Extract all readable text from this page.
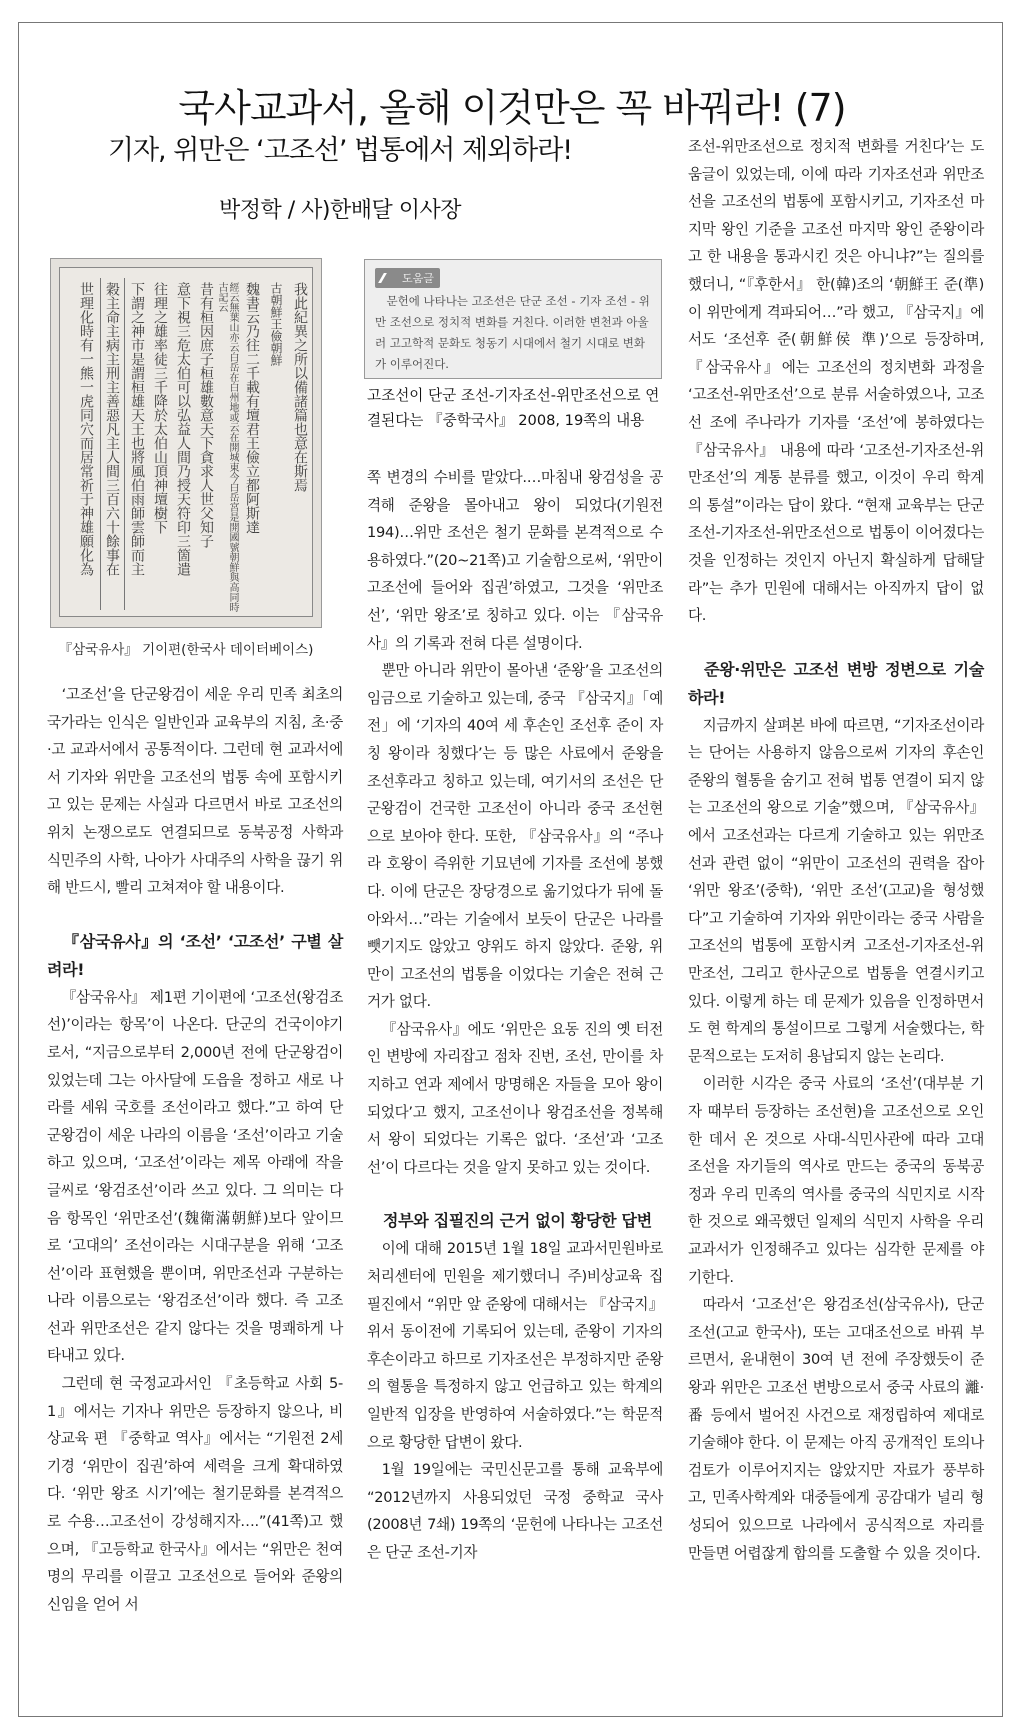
국사교과서, 올해 이것만은 꼭 바꿔라! (7)
기자, 위만은 ‘고조선’ 법통에서 제외하라!
박정학 / 사)한배달 이사장
我此紀異之所以備諸篇也意在斯焉
古朝鮮王儉朝鮮
魏書云乃往二千載有壇君王儉立都阿斯達
經云無葉山亦云白岳在白州地或云在開城東今白岳宮是開國號朝鮮與高同時古記云
昔有桓因庶子桓雄數意天下貪求人世父知子
意下視三危太伯可以弘益人間乃授天符印三箇遣
往理之雄率徒三千降於太伯山頂神壇樹下
下謂之神市是謂桓雄天王也將風伯雨師雲師而主
穀主命主病主刑主善惡凡主人間三百六十餘事在
世理化時有一熊一虎同穴而居常祈于神雄願化為
『삼국유사』 기이편(한국사 데이터베이스)
도움글
문헌에 나타나는 고조선은 단군 조선 - 기자 조선 - 위만 조선으로 정치적 변화를 거친다. 이러한 변천과 아울러 고고학적 문화도 청동기 시대에서 철기 시대로 변화가 이루어진다.
고조선이 단군 조선-기자조선-위만조선으로 연결된다는 『중학국사』 2008, 19쪽의 내용

‘고조선’을 단군왕검이 세운 우리 민족 최초의 국가라는 인식은 일반인과 교육부의 지침, 초·중·고 교과서에서 공통적이다. 그런데 현 교과서에서 기자와 위만을 고조선의 법통 속에 포함시키고 있는 문제는 사실과 다르면서 바로 고조선의 위치 논쟁으로도 연결되므로 동북공정 사학과 식민주의 사학, 나아가 사대주의 사학을 끊기 위해 반드시, 빨리 고쳐져야 할 내용이다.

『삼국유사』의 ‘조선’ ‘고조선’ 구별 살려라!

『삼국유사』 제1편 기이편에 ‘고조선(왕검조선)’이라는 항목’이 나온다. 단군의 건국이야기로서, “지금으로부터 2,000년 전에 단군왕검이 있었는데 그는 아사달에 도읍을 정하고 새로 나라를 세워 국호를 조선이라고 했다.”고 하여 단군왕검이 세운 나라의 이름을 ‘조선’이라고 기술하고 있으며, ‘고조선’이라는 제목 아래에 작을 글씨로 ‘왕검조선’이라 쓰고 있다. 그 의미는 다음 항목인 ‘위만조선’(魏衛滿朝鮮)보다 앞이므로 ‘고대의’ 조선이라는 시대구분을 위해 ‘고조선’이라 표현했을 뿐이며, 위만조선과 구분하는 나라 이름으로는 ‘왕검조선’이라 했다. 즉 고조선과 위만조선은 같지 않다는 것을 명쾌하게 나타내고 있다.

그런데 현 국정교과서인 『초등학교 사회 5-1』에서는 기자나 위만은 등장하지 않으나, 비상교육 편 『중학교 역사』에서는 “기원전 2세기경 ‘위만이 집권’하여 세력을 크게 확대하였다. ‘위만 왕조 시기’에는 철기문화를 본격적으로 수용…고조선이 강성해지자….”(41쪽)고 했으며, 『고등학교 한국사』에서는 “위만은 천여 명의 무리를 이끌고 고조선으로 들어와 준왕의 신임을 얻어 서

쪽 변경의 수비를 맡았다.…마침내 왕검성을 공격해 준왕을 몰아내고 왕이 되었다(기원전 194)…위만 조선은 철기 문화를 본격적으로 수용하였다.”(20~21쪽)고 기술함으로써, ‘위만이 고조선에 들어와 집권’하였고, 그것을 ‘위만조선’, ‘위만 왕조’로 칭하고 있다. 이는 『삼국유사』의 기록과 전혀 다른 설명이다.

뿐만 아니라 위만이 몰아낸 ‘준왕’을 고조선의 임금으로 기술하고 있는데, 중국 『삼국지』「예전」에 ‘기자의 40여 세 후손인 조선후 준이 자칭 왕이라 칭했다’는 등 많은 사료에서 준왕을 조선후라고 칭하고 있는데, 여기서의 조선은 단군왕검이 건국한 고조선이 아니라 중국 조선현으로 보아야 한다. 또한, 『삼국유사』의 “주나라 호왕이 즉위한 기묘년에 기자를 조선에 봉했다. 이에 단군은 장당경으로 옮기었다가 뒤에 돌아와서…”라는 기술에서 보듯이 단군은 나라를 뺏기지도 않았고 양위도 하지 않았다. 준왕, 위만이 고조선의 법통을 이었다는 기술은 전혀 근거가 없다.

『삼국유사』에도 ‘위만은 요동 진의 옛 터전인 변방에 자리잡고 점차 진번, 조선, 만이를 차지하고 연과 제에서 망명해온 자들을 모아 왕이 되었다’고 했지, 고조선이나 왕검조선을 정복해서 왕이 되었다는 기록은 없다. ‘조선’과 ‘고조선’이 다르다는 것을 알지 못하고 있는 것이다.

정부와 집필진의 근거 없이 황당한 답변

이에 대해 2015년 1월 18일 교과서민원바로처리센터에 민원을 제기했더니 주)비상교육 집필진에서 “위만 앞 준왕에 대해서는 『삼국지』 위서 동이전에 기록되어 있는데, 준왕이 기자의 후손이라고 하므로 기자조선은 부정하지만 준왕의 혈통을 특정하지 않고 언급하고 있는 학계의 일반적 입장을 반영하여 서술하였다.”는 학문적으로 황당한 답변이 왔다.

1월 19일에는 국민신문고를 통해 교육부에 “2012년까지 사용되었던 국정 중학교 국사(2008년 7쇄) 19쪽의 ‘문헌에 나타나는 고조선은 단군 조선-기자

조선-위만조선으로 정치적 변화를 거친다’는 도움글이 있었는데, 이에 따라 기자조선과 위만조선을 고조선의 법통에 포함시키고, 기자조선 마지막 왕인 기준을 고조선 마지막 왕인 준왕이라고 한 내용을 통과시킨 것은 아니냐?”는 질의를 했더니, “『후한서』 한(韓)조의 ‘朝鮮王 준(準)이 위만에게 격파되어…”라 했고, 『삼국지』에서도 ‘조선후 준(朝鮮侯 準)’으로 등장하며, 『삼국유사』에는 고조선의 정치변화 과정을 ‘고조선-위만조선’으로 분류 서술하였으나, 고조선 조에 주나라가 기자를 ‘조선’에 봉하였다는 『삼국유사』 내용에 따라 ‘고조선-기자조선-위만조선’의 계통 분류를 했고, 이것이 우리 학계의 통설”이라는 답이 왔다. “현재 교육부는 단군조선-기자조선-위만조선으로 법통이 이어졌다는 것을 인정하는 것인지 아닌지 확실하게 답해달라”는 추가 민원에 대해서는 아직까지 답이 없다.

준왕·위만은 고조선 변방 정변으로 기술하라!

지금까지 살펴본 바에 따르면, “기자조선이라는 단어는 사용하지 않음으로써 기자의 후손인 준왕의 혈통을 숨기고 전혀 법통 연결이 되지 않는 고조선의 왕으로 기술”했으며, 『삼국유사』에서 고조선과는 다르게 기술하고 있는 위만조선과 관련 없이 “위만이 고조선의 권력을 잡아 ‘위만 왕조’(중학), ‘위만 조선’(고교)을 형성했다”고 기술하여 기자와 위만이라는 중국 사람을 고조선의 법통에 포함시켜 고조선-기자조선-위만조선, 그리고 한사군으로 법통을 연결시키고 있다. 이렇게 하는 데 문제가 있음을 인정하면서도 현 학계의 통설이므로 그렇게 서술했다는, 학문적으로는 도저히 용납되지 않는 논리다.

이러한 시각은 중국 사료의 ‘조선’(대부분 기자 때부터 등장하는 조선현)을 고조선으로 오인한 데서 온 것으로 사대-식민사관에 따라 고대 조선을 자기들의 역사로 만드는 중국의 동북공정과 우리 민족의 역사를 중국의 식민지로 시작한 것으로 왜곡했던 일제의 식민지 사학을 우리 교과서가 인정해주고 있다는 심각한 문제를 야기한다.

따라서 ‘고조선’은 왕검조선(삼국유사), 단군조선(고교 한국사), 또는 고대조선으로 바꿔 부르면서, 윤내현이 30여 년 전에 주장했듯이 준왕과 위만은 고조선 변방으로서 중국 사료의 灕·番 등에서 벌어진 사건으로 재정립하여 제대로 기술해야 한다. 이 문제는 아직 공개적인 토의나 검토가 이루어지지는 않았지만 자료가 풍부하고, 민족사학계와 대중들에게 공감대가 널리 형성되어 있으므로 나라에서 공식적으로 자리를 만들면 어렵잖게 합의를 도출할 수 있을 것이다.
